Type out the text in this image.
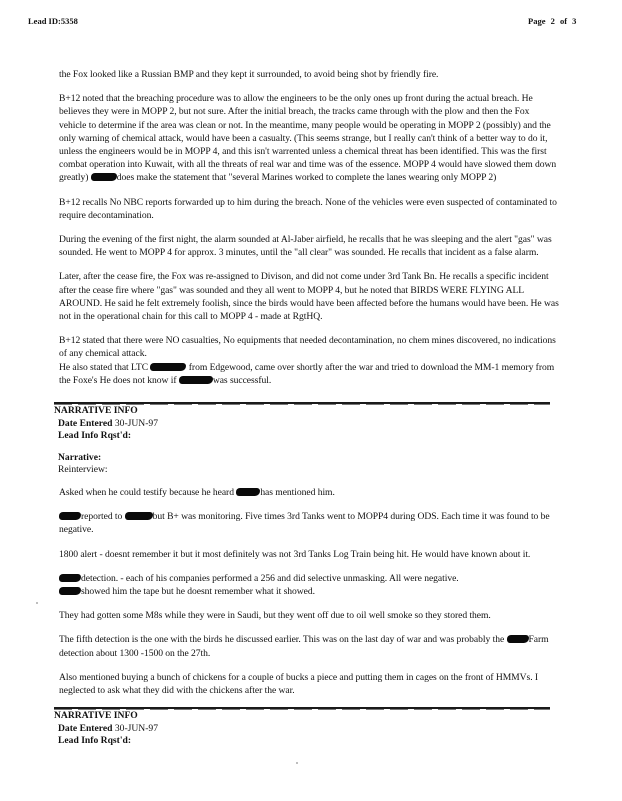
Lead ID:5358	Page 2 of 3

the Fox looked like a Russian BMP and they kept it surrounded, to avoid being shot by friendly fire.

B+12 noted that the breaching procedure was to allow the engineers to be the only ones up front during the actual breach. He believes they were in MOPP 2, but not sure. After the initial breach, the tracks came through with the plow and then the Fox vehicle to determine if the area was clean or not. In the meantime, many people would be operating in MOPP 2 (possibly) and the only warning of chemical attack, would have been a casualty. (This seems strange, but I really can't think of a better way to do it, unless the engineers would be in MOPP 4, and this isn't warrented unless a chemical threat has been identified. This was the first combat operation into Kuwait, with all the threats of real war and time was of the essence. MOPP 4 would have slowed them down greatly)	does make the statement that "several Marines worked to complete the lanes wearing only MOPP 2)

B+12 recalls No NBC reports forwarded up to him during the breach. None of the vehicles were even suspected of contaminated to require decontamination.

During the evening of the first night, the alarm sounded at Al-Jaber airfield, he recalls that he was sleeping and the alert "gas" was sounded. He went to MOPP 4 for approx. 3 minutes, until the "all clear" was sounded. He recalls that incident as a false alarm.

Later, after the cease fire, the Fox was re-assigned to Divison, and did not come under 3rd Tank Bn. He recalls a specific incident after the cease fire where "gas" was sounded and they all went to MOPP 4, but he noted that BIRDS WERE FLYING ALL AROUND. He said he felt extremely foolish, since the birds would have been affected before the humans would have been. He was not in the operational chain for this call to MOPP 4 - made at RgtHQ.

B+12 stated that there were NO casualties, No equipments that needed decontamination, no chem mines discovered, no indications of any chemical attack.

He also stated that LTC	from Edgewood, came over shortly after the war and tried to download the MM-1 memory from the Foxe's He does not know if	was successful.

NARRATIVE INFO
Date Entered 30-JUN-97
Lead Info Rqst'd:
Narrative:
Reinterview:

Asked when he could testify because he heard	has mentioned him.

reported to	but B+ was monitoring. Five times 3rd Tanks went to MOPP4 during ODS. Each time it was found to be negative.

1800 alert - doesnt remember it but it most definitely was not 3rd Tanks Log Train being hit. He would have known about it.

detection. - each of his companies performed a 256 and did selective unmasking. All were negative.
showed him the tape but he doesnt remember what it showed.

They had gotten some M8s while they were in Saudi, but they went off due to oil well smoke so they stored them.

The fifth detection is the one with the birds he discussed earlier. This was on the last day of war and was probably the Farm detection about 1300 -1500 on the 27th.

Also mentioned buying a bunch of chickens for a couple of bucks a piece and putting them in cages on the front of HMMVs. I neglected to ask what they did with the chickens after the war.

NARRATIVE INFO
Date Entered 30-JUN-97
Lead Info Rqst'd:
